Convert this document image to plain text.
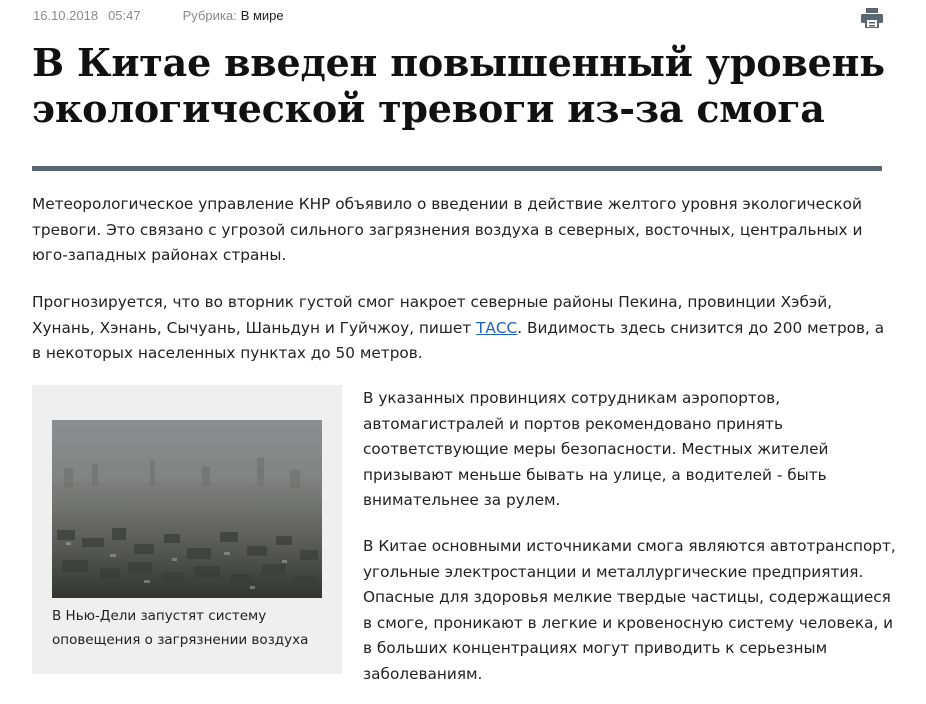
16.10.2018 05:47	Рубрика: В мире
В Китае введен повышенный уровень экологической тревоги из-за смога

Метеорологическое управление КНР объявило о введении в действие желтого уровня экологической тревоги. Это связано с угрозой сильного загрязнения воздуха в северных, восточных, центральных и юго-западных районах страны.

Прогнозируется, что во вторник густой смог накроет северные районы Пекина, провинции Хэбэй, Хунань, Хэнань, Сычуань, Шаньдун и Гуйчжоу, пишет ТАСС. Видимость здесь снизится до 200 метров, а в некоторых населенных пунктах до 50 метров.

В Нью-Дели запустят систему оповещения о загрязнении воздуха

В указанных провинциях сотрудникам аэропортов, автомагистралей и портов рекомендовано принять соответствующие меры безопасности. Местных жителей призывают меньше бывать на улице, а водителей - быть внимательнее за рулем.

В Китае основными источниками смога являются автотранспорт, угольные электростанции и металлургические предприятия. Опасные для здоровья мелкие твердые частицы, содержащиеся в смоге, проникают в легкие и кровеносную систему человека, и в больших концентрациях могут приводить к серьезным заболеваниям.
